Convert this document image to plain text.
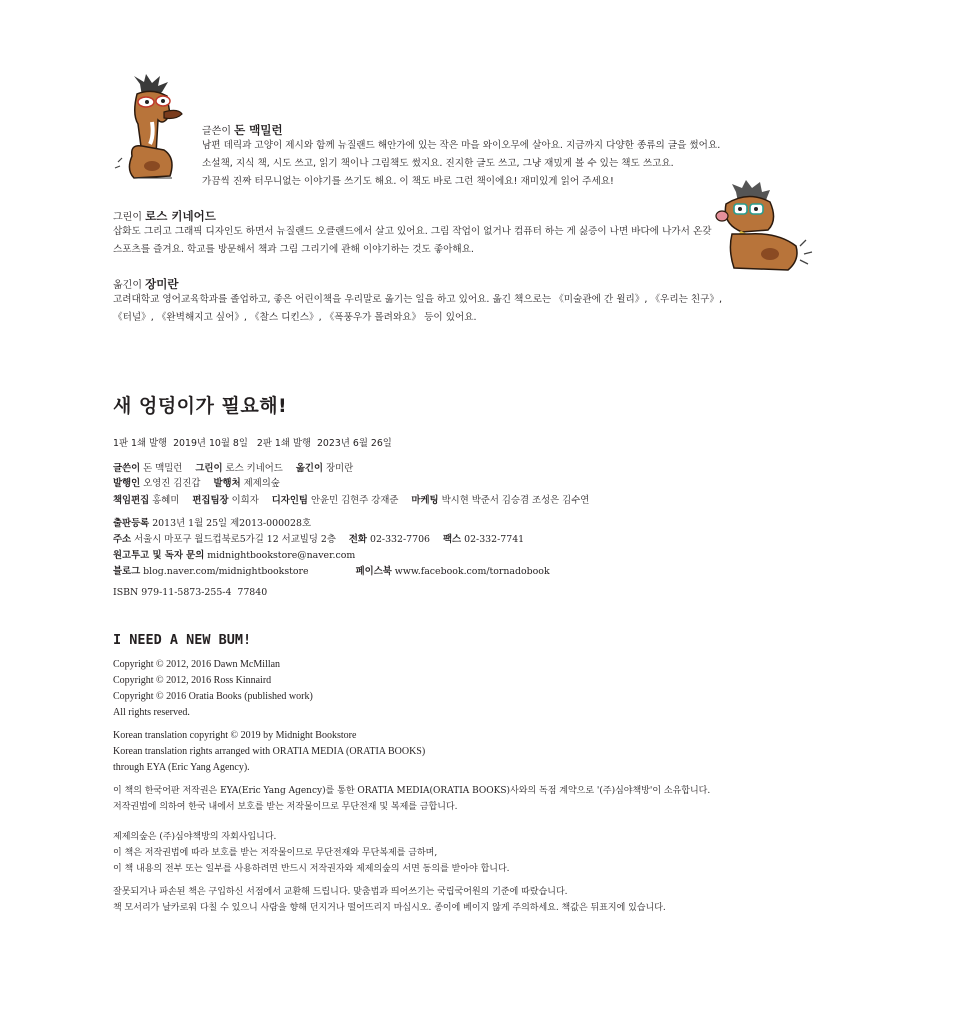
글쓴이 돈 맥밀런
남편 데릭과 고양이 제시와 함께 뉴질랜드 해안가에 있는 작은 마을 와이오무에 살아요. 지금까지 다양한 종류의 글을 썼어요.
소설책, 지식 책, 시도 쓰고, 읽기 책이나 그림책도 썼지요. 진지한 글도 쓰고, 그냥 재밌게 볼 수 있는 책도 쓰고요.
가끔씩 진짜 터무니없는 이야기를 쓰기도 해요. 이 책도 바로 그런 책이에요! 재미있게 읽어 주세요!
그린이 로스 키네어드
삽화도 그리고 그래픽 디자인도 하면서 뉴질랜드 오클랜드에서 살고 있어요. 그림 작업이 없거나 컴퓨터 하는 게 싫증이 나면 바다에 나가서 온갖
스포츠를 즐겨요. 학교를 방문해서 책과 그림 그리기에 관해 이야기하는 것도 좋아해요.
옮긴이 장미란
고려대학교 영어교육학과를 졸업하고, 좋은 어린이책을 우리말로 옮기는 일을 하고 있어요. 옮긴 책으로는 《미술관에 간 윌리》, 《우리는 친구》,
《터널》, 《완벽해지고 싶어》, 《찰스 디킨스》, 《폭풍우가 몰려와요》 등이 있어요.
새 엉덩이가 필요해!
1판 1쇄 발행  2019년 10월 8일   2판 1쇄 발행  2023년 6월 26일
글쓴이 돈 맥밀런 그린이 로스 키네어드 옮긴이 장미란
발행인 오영진 김진갑 발행처 제제의숲
책임편집 홍혜미 편집팀장 이희자 디자인팀 안윤민 김현주 강재준 마케팅 박시현 박준서 김승겸 조성은 김수연
출판등록 2013년 1월 25일 제2013-000028호
주소 서울시 마포구 월드컵북로5가길 12 서교빌딩 2층 전화 02-332-7706 팩스 02-332-7741
원고투고 및 독자 문의 midnightbookstore@naver.com
블로그 blog.naver.com/midnightbookstore	페이스북 www.facebook.com/tornadobook
ISBN 979-11-5873-255-4  77840
I NEED A NEW BUM!
Copyright © 2012, 2016 Dawn McMillan
Copyright © 2012, 2016 Ross Kinnaird
Copyright © 2016 Oratia Books (published work)
All rights reserved.
Korean translation copyright © 2019 by Midnight Bookstore
Korean translation rights arranged with ORATIA MEDIA (ORATIA BOOKS)
through EYA (Eric Yang Agency).
이 책의 한국어판 저작권은 EYA(Eric Yang Agency)를 통한 ORATIA MEDIA(ORATIA BOOKS)사와의 독점 계약으로 '(주)심야책방'이 소유합니다.
저작권법에 의하여 한국 내에서 보호를 받는 저작물이므로 무단전재 및 복제를 금합니다.
제제의숲은 (주)심야책방의 자회사입니다.
이 책은 저작권법에 따라 보호를 받는 저작물이므로 무단전재와 무단복제를 금하며,
이 책 내용의 전부 또는 일부를 사용하려면 반드시 저작권자와 제제의숲의 서면 동의를 받아야 합니다.
잘못되거나 파손된 책은 구입하신 서점에서 교환해 드립니다. 맞춤법과 띄어쓰기는 국립국어원의 기준에 따랐습니다.
책 모서리가 날카로워 다칠 수 있으니 사람을 향해 던지거나 떨어뜨리지 마십시오. 종이에 베이지 않게 주의하세요. 책값은 뒤표지에 있습니다.
